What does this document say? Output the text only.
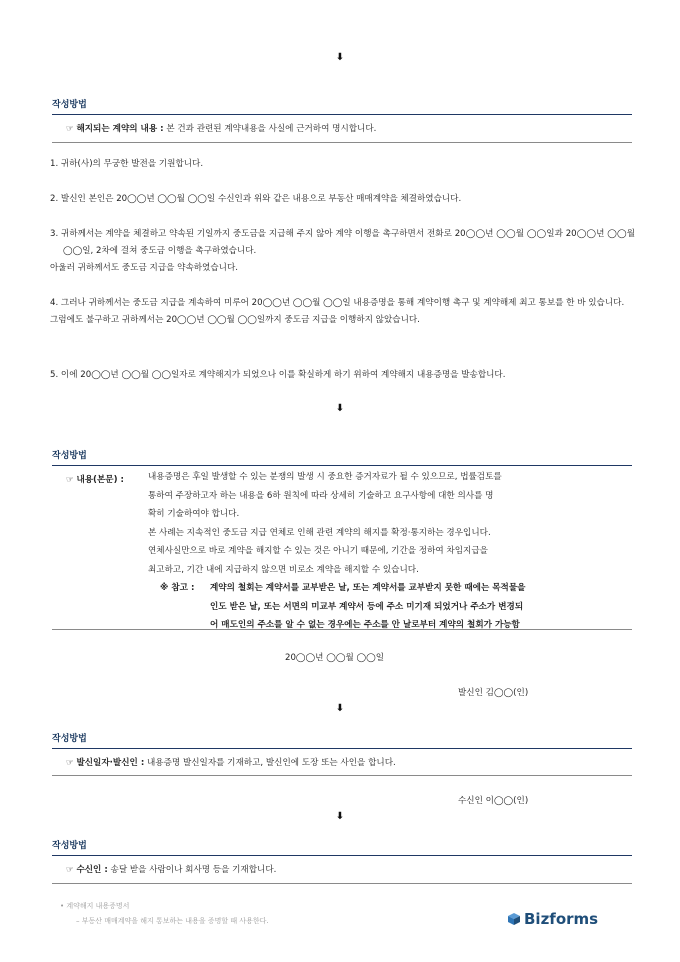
⬇
작성방법
☞ 해지되는 계약의 내용 : 본 건과 관련된 계약내용을 사실에 근거하여 명시합니다.

1. 귀하(사)의 무궁한 발전을 기원합니다.

2. 발신인 본인은 20◯◯년 ◯◯월 ◯◯일 수신인과 위와 같은 내용으로 부동산 매매계약을 체결하였습니다.

3. 귀하께서는 계약을 체결하고 약속된 기일까지 중도금을 지급해 주지 않아 계약 이행을 촉구하면서 전화로 20◯◯년 ◯◯월 ◯◯일과 20◯◯년 ◯◯월 ◯◯일, 2차에 걸쳐 중도금 이행을 촉구하였습니다.

아울러 귀하께서도 중도금 지급을 약속하였습니다.

4. 그러나 귀하께서는 중도금 지급을 계속하여 미루어 20◯◯년 ◯◯월 ◯◯일 내용증명을 통해 계약이행 촉구 및 계약해제 최고 통보를 한 바 있습니다.

그럼에도 불구하고 귀하께서는 20◯◯년 ◯◯월 ◯◯일까지 중도금 지급을 이행하지 않았습니다.

5. 이에 20◯◯년 ◯◯월 ◯◯일자로 계약해지가 되었으나 이를 확실하게 하기 위하여 계약해지 내용증명을 발송합니다.

⬇
작성방법
☞ 내용(본문) :	내용증명은 후일 발생할 수 있는 분쟁의 발생 시 중요한 증거자료가 될 수 있으므로, 법률검토를
통하여 주장하고자 하는 내용을 6하 원칙에 따라 상세히 기술하고 요구사항에 대한 의사를 명
확히 기술하여야 합니다.
본 사례는 지속적인 중도금 지급 연체로 인해 관련 계약의 해지를 확정·통지하는 경우입니다.
연체사실만으로 바로 계약을 해지할 수 있는 것은 아니기 때문에, 기간을 정하여 차임지급을
최고하고, 기간 내에 지급하지 않으면 비로소 계약을 해지할 수 있습니다.
※ 참고 : 계약의 철회는 계약서를 교부받은 날, 또는 계약서를 교부받지 못한 때에는 목적물을
인도 받은 날, 또는 서면의 미교부 계약서 등에 주소 미기재 되었거나 주소가 변경되
어 매도인의 주소를 알 수 없는 경우에는 주소를 안 날로부터 계약의 철회가 가능함
20◯◯년 ◯◯월 ◯◯일
발신인 김◯◯(인)
⬇
작성방법
☞ 발신일자·발신인 : 내용증명 발신일자를 기재하고, 발신인에 도장 또는 사인을 합니다.
수신인 이◯◯(인)
⬇
작성방법
☞ 수신인 : 송달 받을 사람이나 회사명 등을 기재합니다.
• 계약해지 내용증명서
– 부동산 매매계약을 해지 통보하는 내용을 증명할 때 사용한다.	Bizforms
